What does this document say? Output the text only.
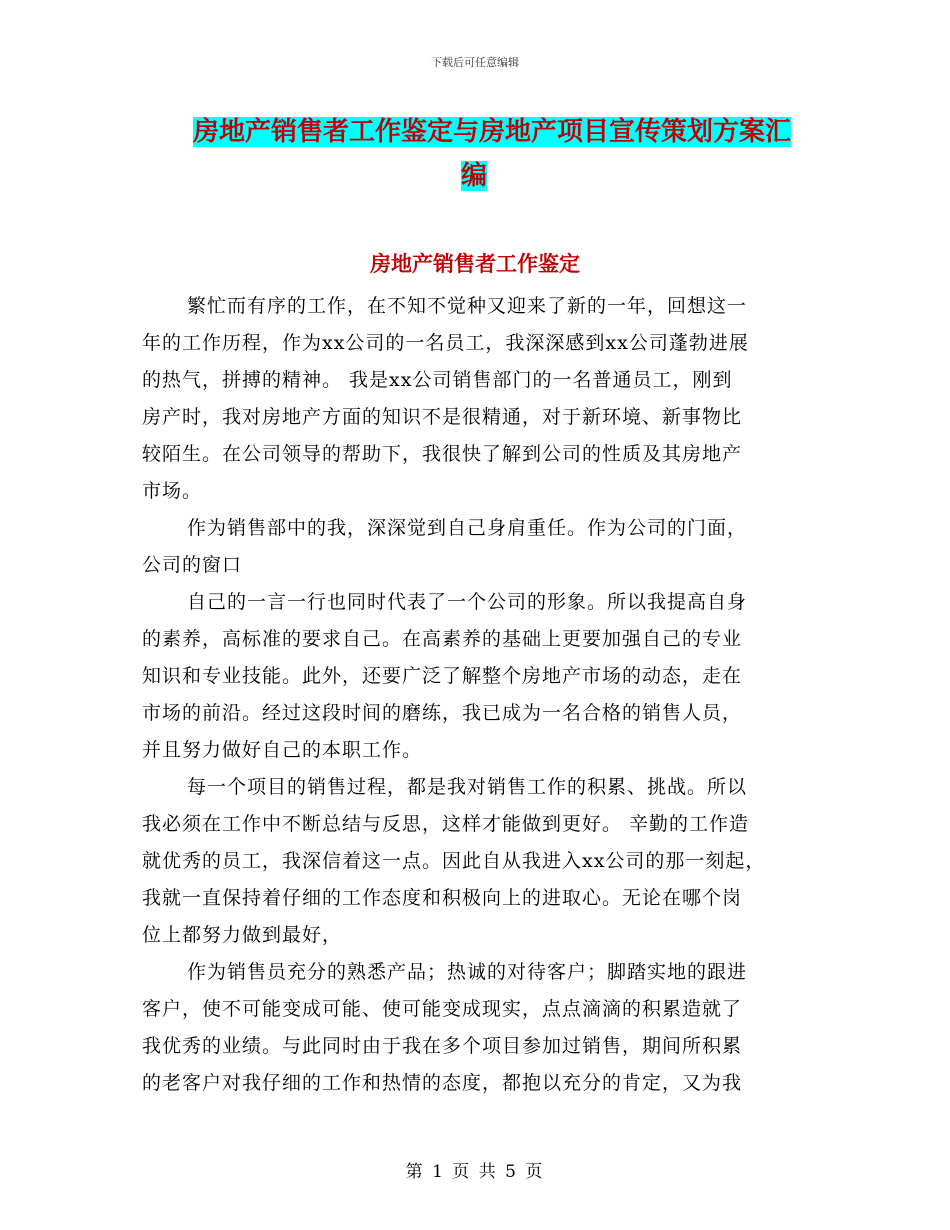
下载后可任意编辑
房地产销售者工作鉴定与房地产项目宣传策划方案汇
编
房地产销售者工作鉴定
繁忙而有序的工作，在不知不觉种又迎来了新的一年，回想这一
年的工作历程，作为xx公司的一名员工，我深深感到xx公司蓬勃进展
的热气，拼搏的精神。 我是xx公司销售部门的一名普通员工，刚到
房产时，我对房地产方面的知识不是很精通，对于新环境、新事物比
较陌生。在公司领导的帮助下，我很快了解到公司的性质及其房地产
市场。
作为销售部中的我，深深觉到自己身肩重任。作为公司的门面，
公司的窗口
自己的一言一行也同时代表了一个公司的形象。所以我提高自身
的素养，高标准的要求自己。在高素养的基础上更要加强自己的专业
知识和专业技能。此外，还要广泛了解整个房地产市场的动态，走在
市场的前沿。经过这段时间的磨练，我已成为一名合格的销售人员，
并且努力做好自己的本职工作。
每一个项目的销售过程，都是我对销售工作的积累、挑战。所以
我必须在工作中不断总结与反思，这样才能做到更好。 辛勤的工作造
就优秀的员工，我深信着这一点。因此自从我进入xx公司的那一刻起，
我就一直保持着仔细的工作态度和积极向上的进取心。无论在哪个岗
位上都努力做到最好，
作为销售员充分的熟悉产品；热诚的对待客户；脚踏实地的跟进
客户，使不可能变成可能、使可能变成现实，点点滴滴的积累造就了
我优秀的业绩。与此同时由于我在多个项目参加过销售，期间所积累
的老客户对我仔细的工作和热情的态度，都抱以充分的肯定，又为我
第 1 页 共 5 页
